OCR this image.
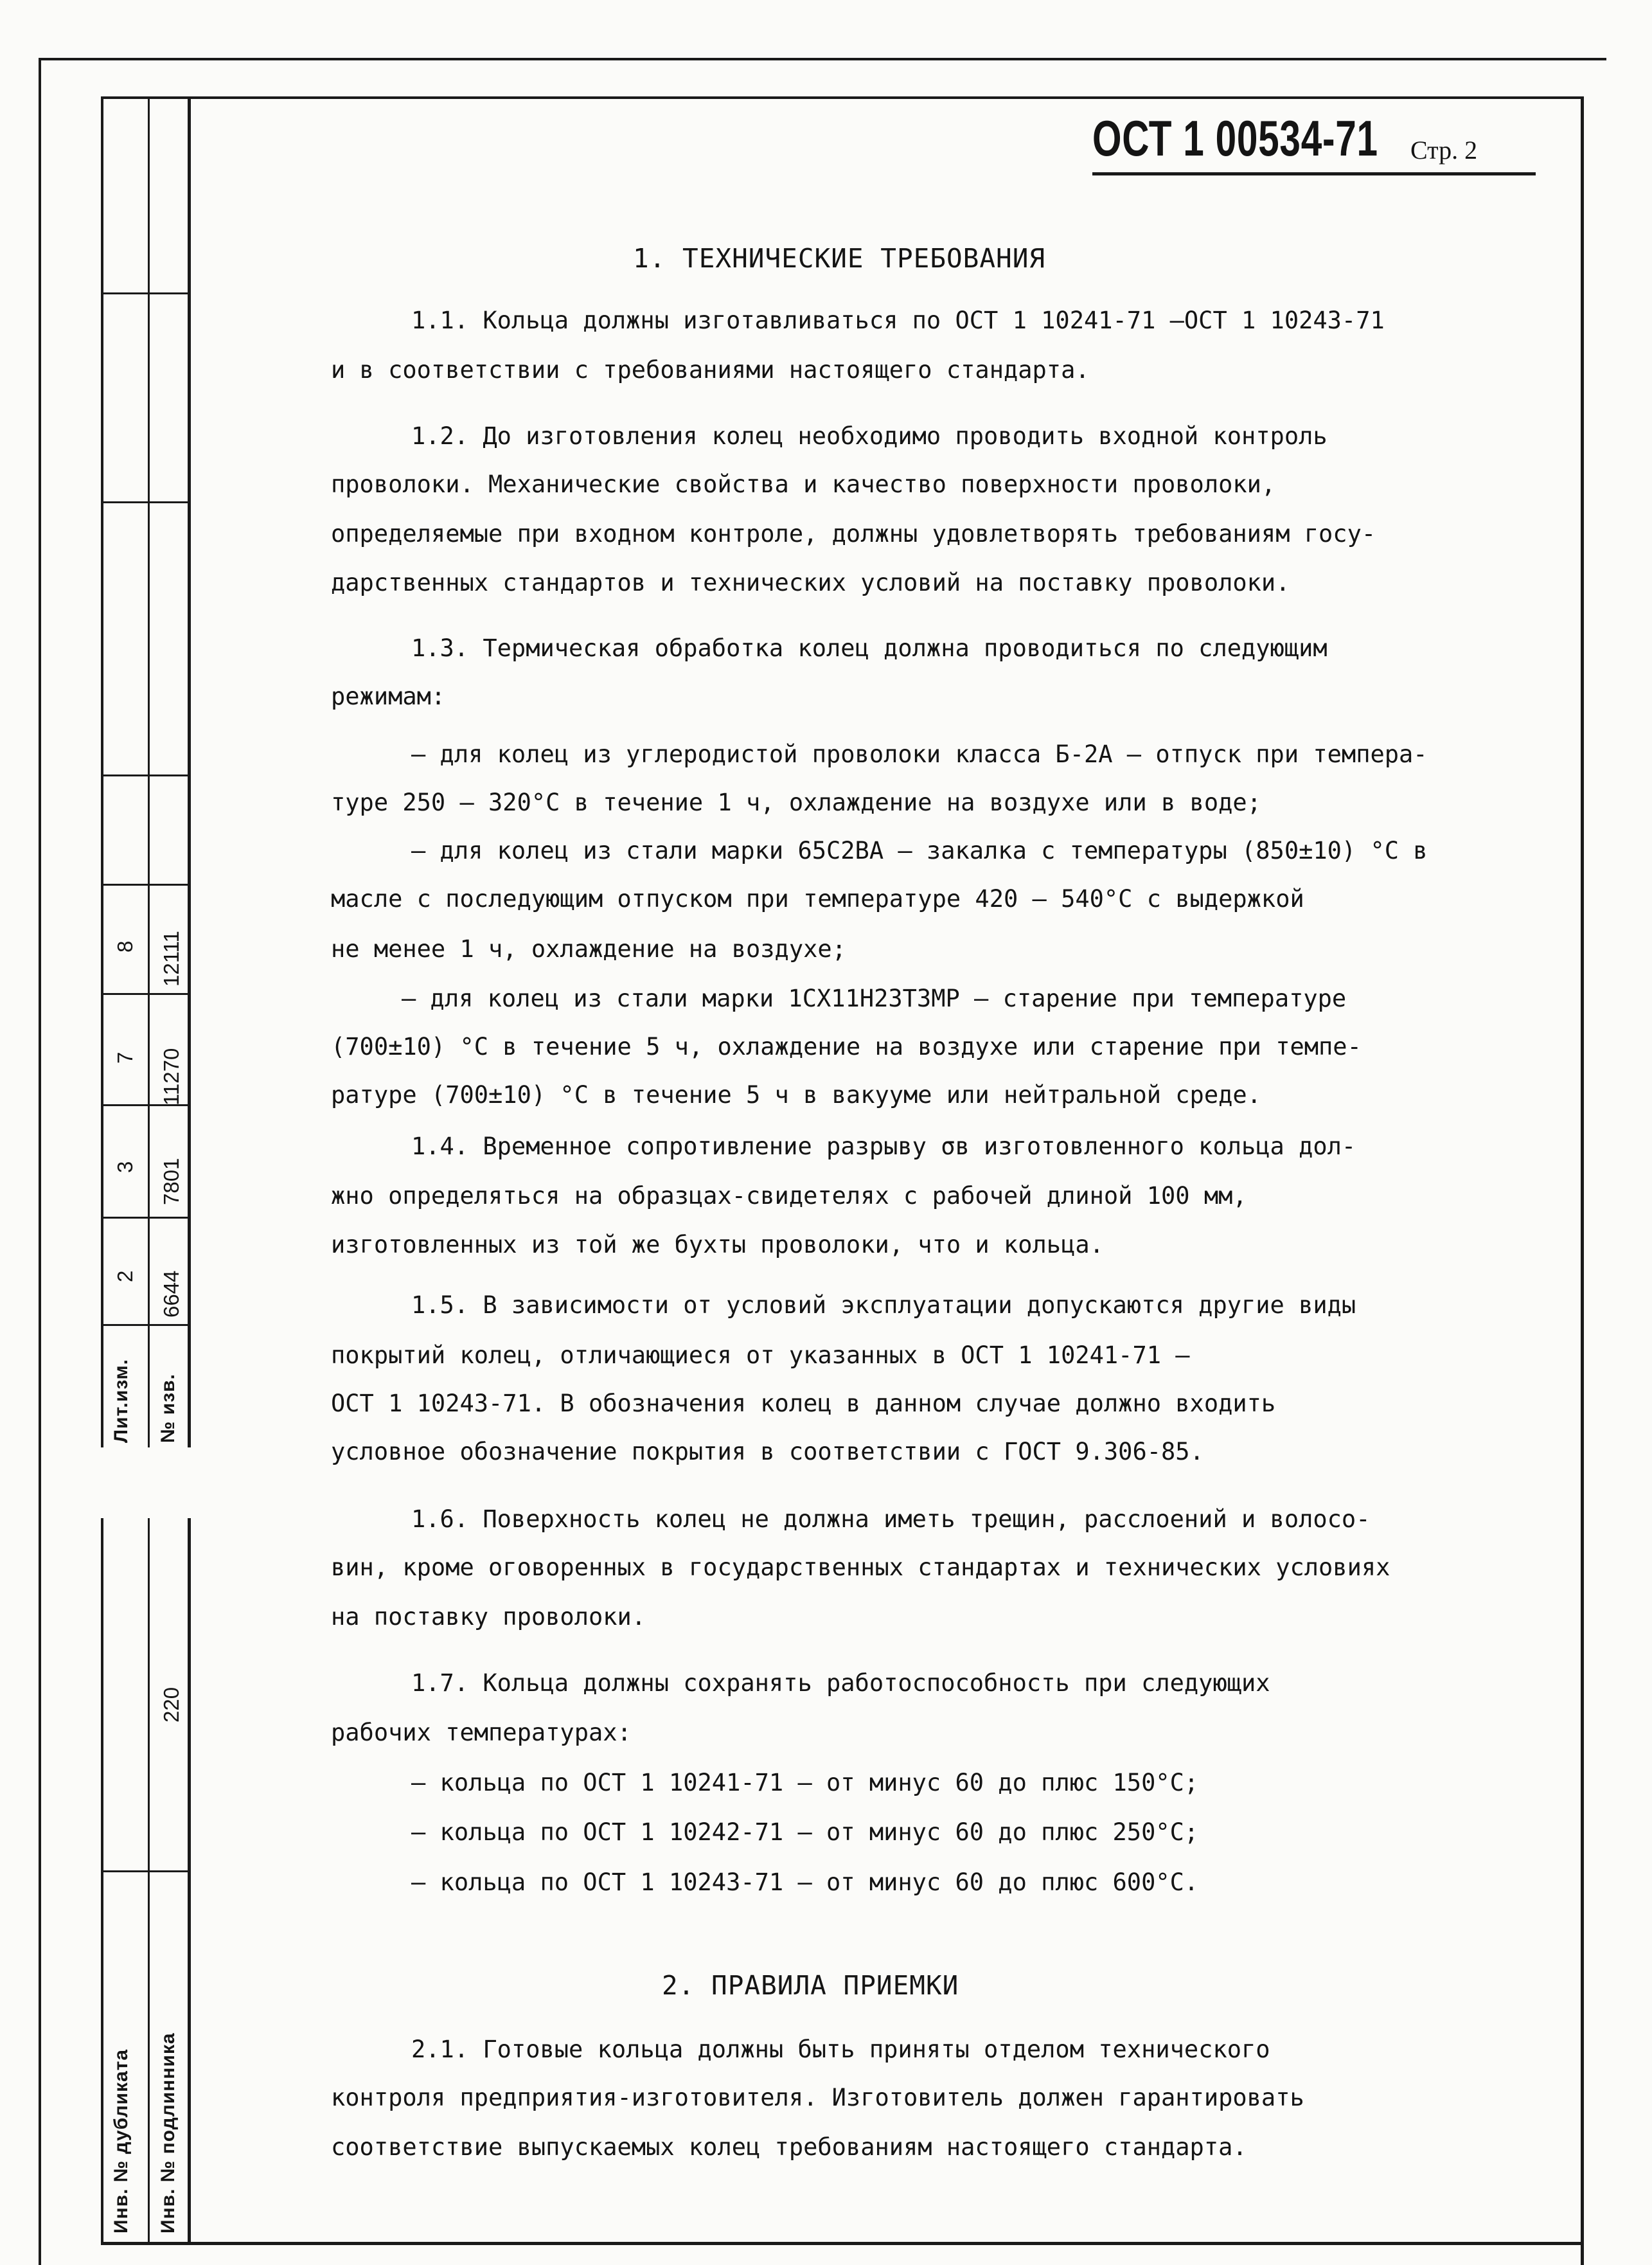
Лит.изм. № изв.
2 6644
3 7801
7 11270
8 12111
220
Инв. № дубликата Инв. № подлинника
ОСТ 1 00534-71 Стр. 2
1. ТЕХНИЧЕСКИЕ ТРЕБОВАНИЯ
1.1. Кольца должны изготавливаться по ОСТ 1 10241-71 –ОСТ 1 10243-71
и в соответствии с требованиями настоящего стандарта.
1.2. До изготовления колец необходимо проводить входной контроль
проволоки. Механические свойства и качество поверхности проволоки,
определяемые при входном контроле, должны удовлетворять требованиям госу-
дарственных стандартов и технических условий на поставку проволоки.
1.3. Термическая обработка колец должна проводиться по следующим
режимам:
– для колец из углеродистой проволоки класса Б-2А – отпуск при темпера-
туре 250 – 320°С в течение 1 ч, охлаждение на воздухе или в воде;
– для колец из стали марки 65С2ВА – закалка с температуры (850±10) °С в
масле с последующим отпуском при температуре 420 – 540°С с выдержкой
не менее 1 ч, охлаждение на воздухе;
– для колец из стали марки 1СХ11Н23Т3МР – старение при температуре
(700±10) °С в течение 5 ч, охлаждение на воздухе или старение при темпе-
ратуре (700±10) °С в течение 5 ч в вакууме или нейтральной среде.
1.4. Временное сопротивление разрыву σв изготовленного кольца дол-
жно определяться на образцах-свидетелях с рабочей длиной 100 мм,
изготовленных из той же бухты проволоки, что и кольца.
1.5. В зависимости от условий эксплуатации допускаются другие виды
покрытий колец, отличающиеся от указанных в ОСТ 1 10241-71 –
ОСТ 1 10243-71. В обозначения колец в данном случае должно входить
условное обозначение покрытия в соответствии с ГОСТ 9.306-85.
1.6. Поверхность колец не должна иметь трещин, расслоений и волосо-
вин, кроме оговоренных в государственных стандартах и технических условиях
на поставку проволоки.
1.7. Кольца должны сохранять работоспособность при следующих
рабочих температурах:
– кольца по ОСТ 1 10241-71 – от минус 60 до плюс 150°С;
– кольца по ОСТ 1 10242-71 – от минус 60 до плюс 250°С;
– кольца по ОСТ 1 10243-71 – от минус 60 до плюс 600°С.
2. ПРАВИЛА ПРИЕМКИ
2.1. Готовые кольца должны быть приняты отделом технического
контроля предприятия-изготовителя. Изготовитель должен гарантировать
соответствие выпускаемых колец требованиям настоящего стандарта.
